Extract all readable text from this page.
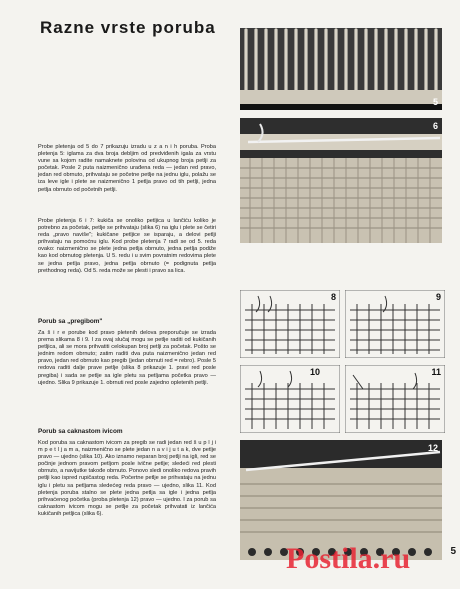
Razne vrste poruba
5
6
8	9
10	11
12
Probe pletenja od 5 do 7 prikazuju izradu u z a n i h poruba. Proba pletenja 5: iglama za dva broja debljim od predviđenih igala za vrstu vune sa kojom radite namaknete polovina od ukupnog broja petlji za početak. Posle 2 puta naizmenično urađena reda — jedan red pravo, jedan red obrnuto, prihvataju se početne petlje na jednu iglu, polažu se iza leve igle i plete se naizmenično 1 petlja pravo od tih petlji, jedna petlja obrnuto od početnih petlji.
Probe pletenja 6 i 7: kukiča se onoliko petljica u lančiću koliko je potrebno za početak, petlje se prihvataju (slika 6) na iglu i plete se četiri reda „pravo naviše"; kukičane petljice se isparaju, a delovi petlji prihvataju na pomoćnu iglu. Kod probe pletenja 7 radi se od 5. reda ovako: naizmenično se plete jedna petlja obrnuto, jedna petlja podiže kao kod obrnutog pletenja. U 5. redu i u svim povratnim redovima plete se jedna petlja pravo, jedna petlja obrnuto (= podignuta petlja prethodnog reda). Od 5. reda može se plesti i pravo sa lica.
Porub sa „pregibom"
Za š i r e porube kod pravo pletenih delova preporučuje se izrada prema slikama 8 i 9. I za ovaj slučaj mogu se petlje raditi od kukičanih petljica, ali se mora prihvatiti celokupan broj petlji za početak. Pošto se jednim redom obrnuto; zatim raditi dva puta naizmenično jedan red pravo, jedan red obrnuto kao pregib (jedan obrnuti red = rebro). Posle 5 redova raditi dalje prave petlje (slika 8 prikazuje 1. pravi red posle pregiba) i sada se petlje sa igle pletu sa petljama početka pravo — ujedno. Slika 9 prikazuje 1. obrnuti red posle zajedno opletenih petlji.
Porub sa caknastom ivicom
Kod poruba sa caknastom ivicom za pregib se radi jedan red š u p l j i m p e t l j a m a, naizmenično se plete jedan n a v i j u t a k, dve petlje pravo — ujedno (slika 10). Ako iznamo neparan broj petlji na igli, red se počinje jednom pravom petljom posle ivične petlje; sledeći red plesti obrnuto, a navijutke takođe obrnuto. Ponovo sledi onoliko redova pravih petlji kao ispred rupičastog reda. Počertne petlje se prihvataju na jednu iglu i pletu sa petljama sledećeg reda pravo — ujedno, slika 11. Kod pletenja poruba stalno se plete jedna petlja sa igle i jedna petlja prihvaćenog početka (proba pletenja 12) pravo — ujedno. I za porub sa caknastom ivicom mogu se petlje za početak prihvatati iz lančića kukičanih petljica (slika 6).
Postila.ru	5
